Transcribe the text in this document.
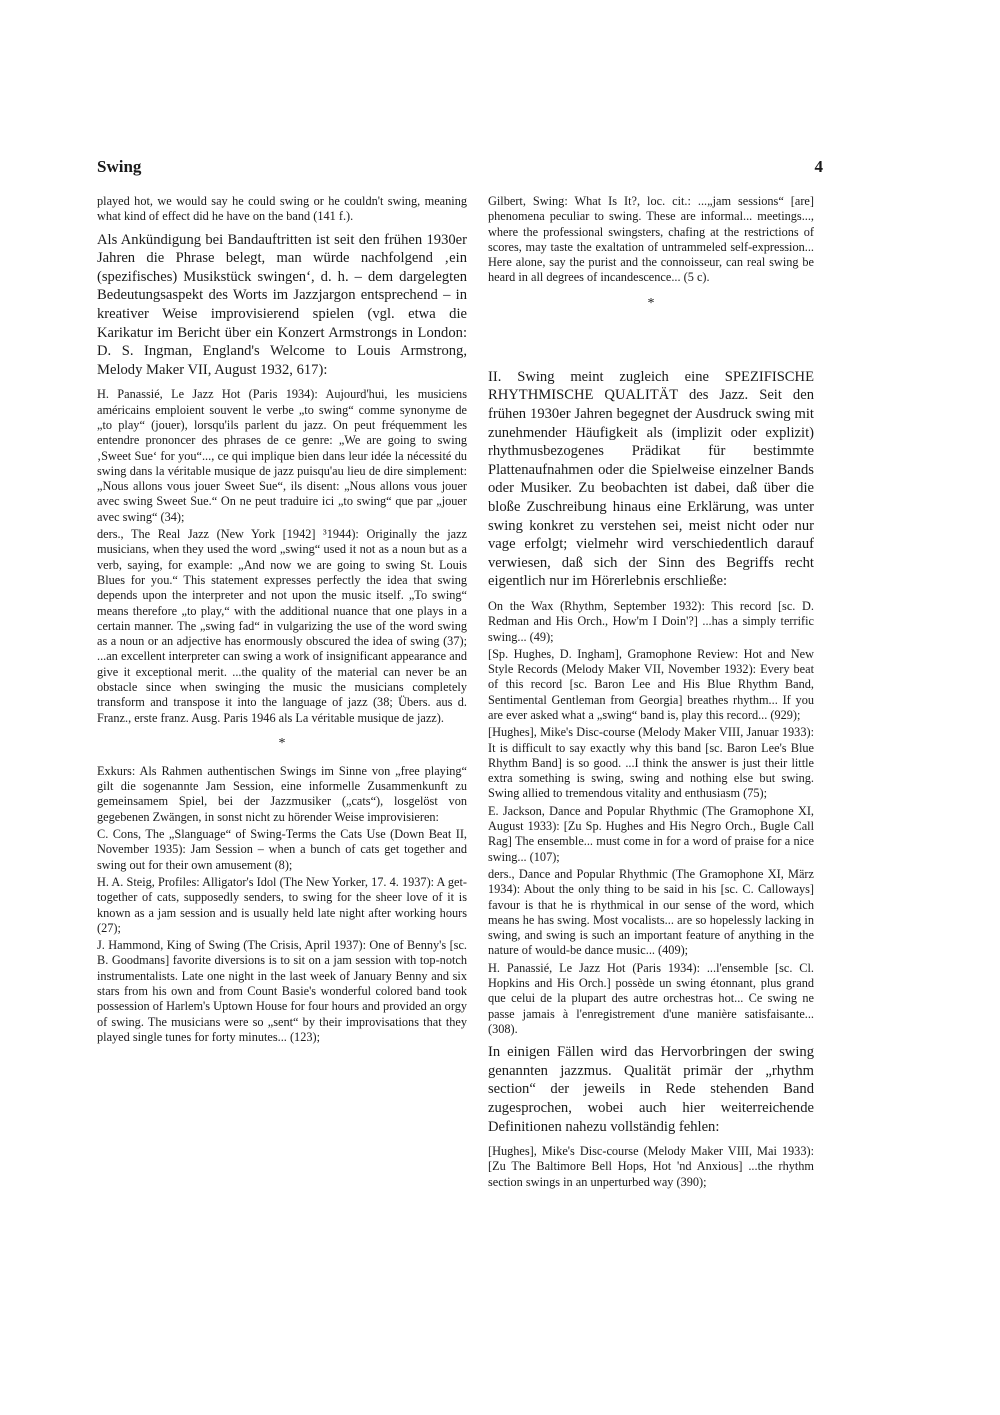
Swing	4

played hot, we would say he could swing or he couldn't swing, meaning what kind of effect did he have on the band (141 f.).

Als Ankündigung bei Bandauftritten ist seit den frühen 1930er Jahren die Phrase belegt, man würde nachfolgend ‚ein (spezifisches) Musikstück swingen‘, d. h. – dem dargelegten Bedeutungsaspekt des Worts im Jazzjargon entsprechend – in kreativer Weise improvisierend spielen (vgl. etwa die Karikatur im Bericht über ein Konzert Armstrongs in London: D. S. Ingman, England's Welcome to Louis Armstrong, Melody Maker VII, August 1932, 617):

H. Panassié, Le Jazz Hot (Paris 1934): Aujourd'hui, les musiciens américains emploient souvent le verbe „to swing“ comme synonyme de „to play“ (jouer), lorsqu'ils parlent du jazz. On peut fréquemment les entendre prononcer des phrases de ce genre: „We are going to swing ‚Sweet Sue‘ for you“..., ce qui implique bien dans leur idée la nécessité du swing dans la véritable musique de jazz puisqu'au lieu de dire simplement: „Nous allons vous jouer Sweet Sue“, ils disent: „Nous allons vous jouer avec swing Sweet Sue.“ On ne peut traduire ici „to swing“ que par „jouer avec swing“ (34);

ders., The Real Jazz (New York [1942] ³1944): Originally the jazz musicians, when they used the word „swing“ used it not as a noun but as a verb, saying, for example: „And now we are going to swing St. Louis Blues for you.“ This statement expresses perfectly the idea that swing depends upon the interpreter and not upon the music itself. „To swing“ means therefore „to play,“ with the additional nuance that one plays in a certain manner. The „swing fad“ in vulgarizing the use of the word swing as a noun or an adjective has enormously obscured the idea of swing (37); ...an excellent interpreter can swing a work of insignificant appearance and give it exceptional merit. ...the quality of the material can never be an obstacle since when swinging the music the musicians completely transform and transpose it into the language of jazz (38; Übers. aus d. Franz., erste franz. Ausg. Paris 1946 als La véritable musique de jazz).

*

Exkurs: Als Rahmen authentischen Swings im Sinne von „free playing“ gilt die sogenannte Jam Session, eine informelle Zusammenkunft zu gemeinsamem Spiel, bei der Jazzmusiker („cats“), losgelöst von gegebenen Zwängen, in sonst nicht zu hörender Weise improvisieren:

C. Cons, The „Slanguage“ of Swing-Terms the Cats Use (Down Beat II, November 1935): Jam Session – when a bunch of cats get together and swing out for their own amusement (8);

H. A. Steig, Profiles: Alligator's Idol (The New Yorker, 17. 4. 1937): A get-together of cats, supposedly senders, to swing for the sheer love of it is known as a jam session and is usually held late night after working hours (27);

J. Hammond, King of Swing (The Crisis, April 1937): One of Benny's [sc. B. Goodmans] favorite diversions is to sit on a jam session with top-notch instrumentalists. Late one night in the last week of January Benny and six stars from his own and from Count Basie's wonderful colored band took possession of Harlem's Uptown House for four hours and provided an orgy of swing. The musicians were so „sent“ by their improvisations that they played single tunes for forty minutes... (123);

Gilbert, Swing: What Is It?, loc. cit.: ...„jam sessions“ [are] phenomena peculiar to swing. These are informal... meetings..., where the professional swingsters, chafing at the restrictions of scores, may taste the exaltation of untrammeled self-expression... Here alone, say the purist and the connoisseur, can real swing be heard in all degrees of incandescence... (5 c).

*

II. Swing meint zugleich eine SPEZIFISCHE RHYTHMISCHE QUALITÄT des Jazz. Seit den frühen 1930er Jahren begegnet der Ausdruck swing mit zunehmender Häufigkeit als (implizit oder explizit) rhythmusbezogenes Prädikat für bestimmte Plattenaufnahmen oder die Spielweise einzelner Bands oder Musiker. Zu beobachten ist dabei, daß über die bloße Zuschreibung hinaus eine Erklärung, was unter swing konkret zu verstehen sei, meist nicht oder nur vage erfolgt; vielmehr wird verschiedentlich darauf verwiesen, daß sich der Sinn des Begriffs recht eigentlich nur im Hörerlebnis erschließe:

On the Wax (Rhythm, September 1932): This record [sc. D. Redman and His Orch., How'm I Doin'?] ...has a simply terrific swing... (49);

[Sp. Hughes, D. Ingham], Gramophone Review: Hot and New Style Records (Melody Maker VII, November 1932): Every beat of this record [sc. Baron Lee and His Blue Rhythm Band, Sentimental Gentleman from Georgia] breathes rhythm... If you are ever asked what a „swing“ band is, play this record... (929);

[Hughes], Mike's Disc-course (Melody Maker VIII, Januar 1933): It is difficult to say exactly why this band [sc. Baron Lee's Blue Rhythm Band] is so good. ...I think the answer is just their little extra something is swing, swing and nothing else but swing. Swing allied to tremendous vitality and enthusiasm (75);

E. Jackson, Dance and Popular Rhythmic (The Gramophone XI, August 1933): [Zu Sp. Hughes and His Negro Orch., Bugle Call Rag] The ensemble... must come in for a word of praise for a nice swing... (107);

ders., Dance and Popular Rhythmic (The Gramophone XI, März 1934): About the only thing to be said in his [sc. C. Calloways] favour is that he is rhythmical in our sense of the word, which means he has swing. Most vocalists... are so hopelessly lacking in swing, and swing is such an important feature of anything in the nature of would-be dance music... (409);

H. Panassié, Le Jazz Hot (Paris 1934): ...l'ensemble [sc. Cl. Hopkins and His Orch.] possède un swing étonnant, plus grand que celui de la plupart des autre orchestras hot... Ce swing ne passe jamais à l'enregistrement d'une manière satisfaisante... (308).

In einigen Fällen wird das Hervorbringen der swing genannten jazzmus. Qualität primär der „rhythm section“ der jeweils in Rede stehenden Band zugesprochen, wobei auch hier weiterreichende Definitionen nahezu vollständig fehlen:

[Hughes], Mike's Disc-course (Melody Maker VIII, Mai 1933): [Zu The Baltimore Bell Hops, Hot 'nd Anxious] ...the rhythm section swings in an unperturbed way (390);
